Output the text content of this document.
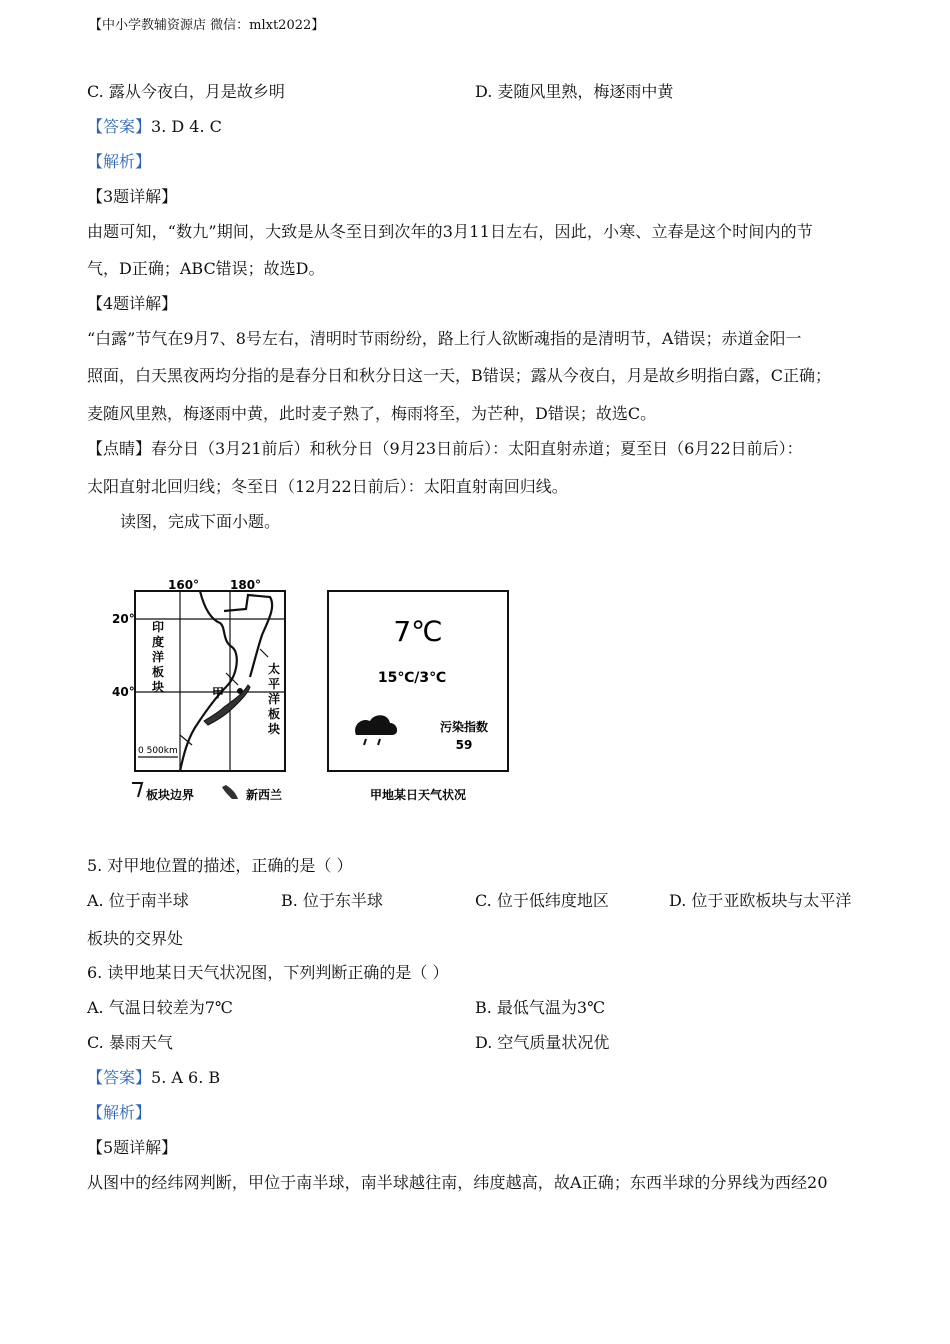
【中小学教辅资源店 微信：mlxt2022】
C. 露从今夜白，月是故乡明	D. 麦随风里熟，梅逐雨中黄
【答案】3. D 4. C
【解析】
【3题详解】
由题可知，“数九”期间，大致是从冬至日到次年的3月11日左右，因此，小寒、立春是这个时间内的节
气，D正确；ABC错误；故选D。
【4题详解】
“白露”节气在9月7、8号左右，清明时节雨纷纷，路上行人欲断魂指的是清明节，A错误；赤道金阳一
照面，白天黑夜两均分指的是春分日和秋分日这一天，B错误；露从今夜白，月是故乡明指白露，C正确；
麦随风里熟，梅逐雨中黄，此时麦子熟了，梅雨将至，为芒种，D错误；故选C。
【点睛】春分日（3月21前后）和秋分日（9月23日前后）：太阳直射赤道；夏至日（6月22日前后）：
太阳直射北回归线；冬至日（12月22日前后）：太阳直射南回归线。
读图，完成下面小题。
160°	180°
20°
40°	甲
印
度
洋
板
块
太
平
洋
板
块
0 500km
板块边界	新西兰
7℃
15℃/3℃
污染指数
59
甲地某日天气状况
5. 对甲地位置的描述，正确的是（ ）
A. 位于南半球	B. 位于东半球	C. 位于低纬度地区	D. 位于亚欧板块与太平洋
板块的交界处
6. 读甲地某日天气状况图，下列判断正确的是（ ）
A. 气温日较差为7℃	B. 最低气温为3℃
C. 暴雨天气	D. 空气质量状况优
【答案】5. A 6. B
【解析】
【5题详解】
从图中的经纬网判断，甲位于南半球，南半球越往南，纬度越高，故A正确；东西半球的分界线为西经20
